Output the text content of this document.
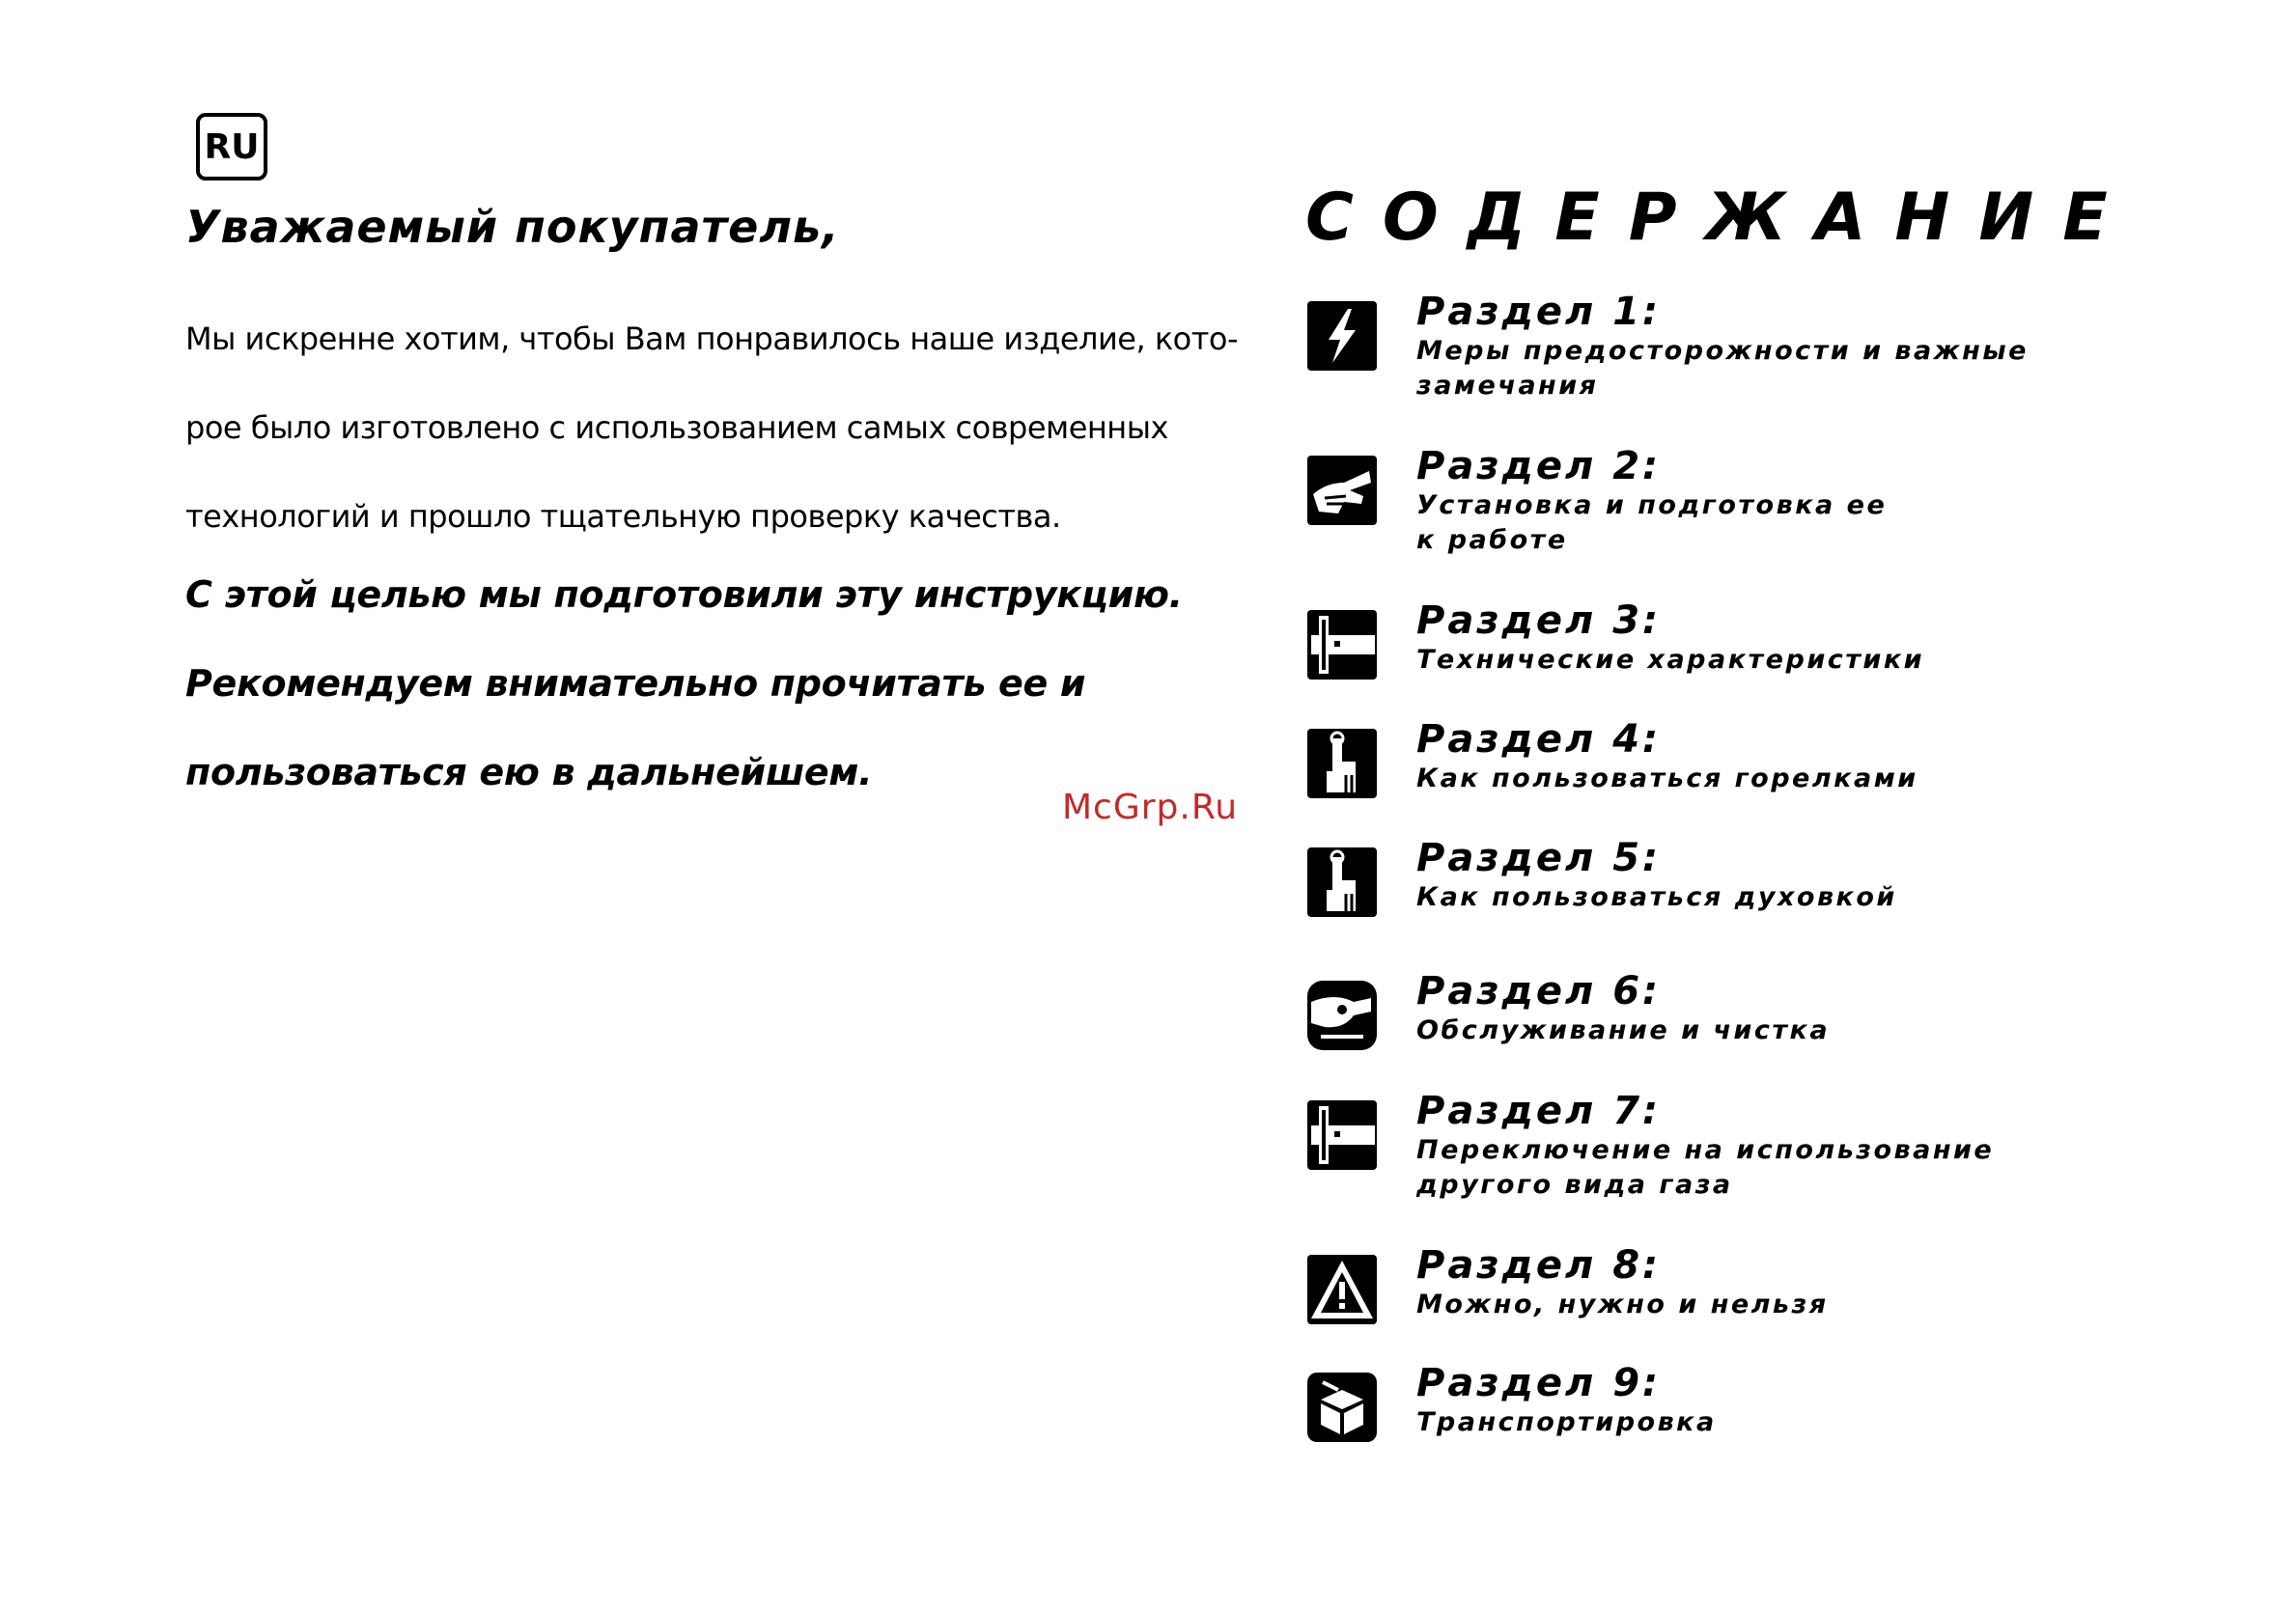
RU
Уважаемый покупатель,
Мы искренне хотим, чтобы Вам понравилось наше изделие, кото-
рое было изготовлено с использованием самых современных
технологий и прошло тщательную проверку качества.
С этой целью мы подготовили эту инструкцию.
Рекомендуем внимательно прочитать ее и
пользоваться ею в дальнейшем.
McGrp.Ru
СОДЕРЖАНИЕ
Раздел 1:
Меры предосторожности и важные
замечания
Раздел 2:
Установка и подготовка ее
к работе
Раздел 3:
Технические характеристики
Раздел 4:
Как пользоваться горелками
Раздел 5:
Как пользоваться духовкой
Раздел 6:
Обслуживание и чистка
Раздел 7:
Переключение на использование
другого вида газа
Раздел 8:
Можно, нужно и нельзя
Раздел 9:
Транспортировка
